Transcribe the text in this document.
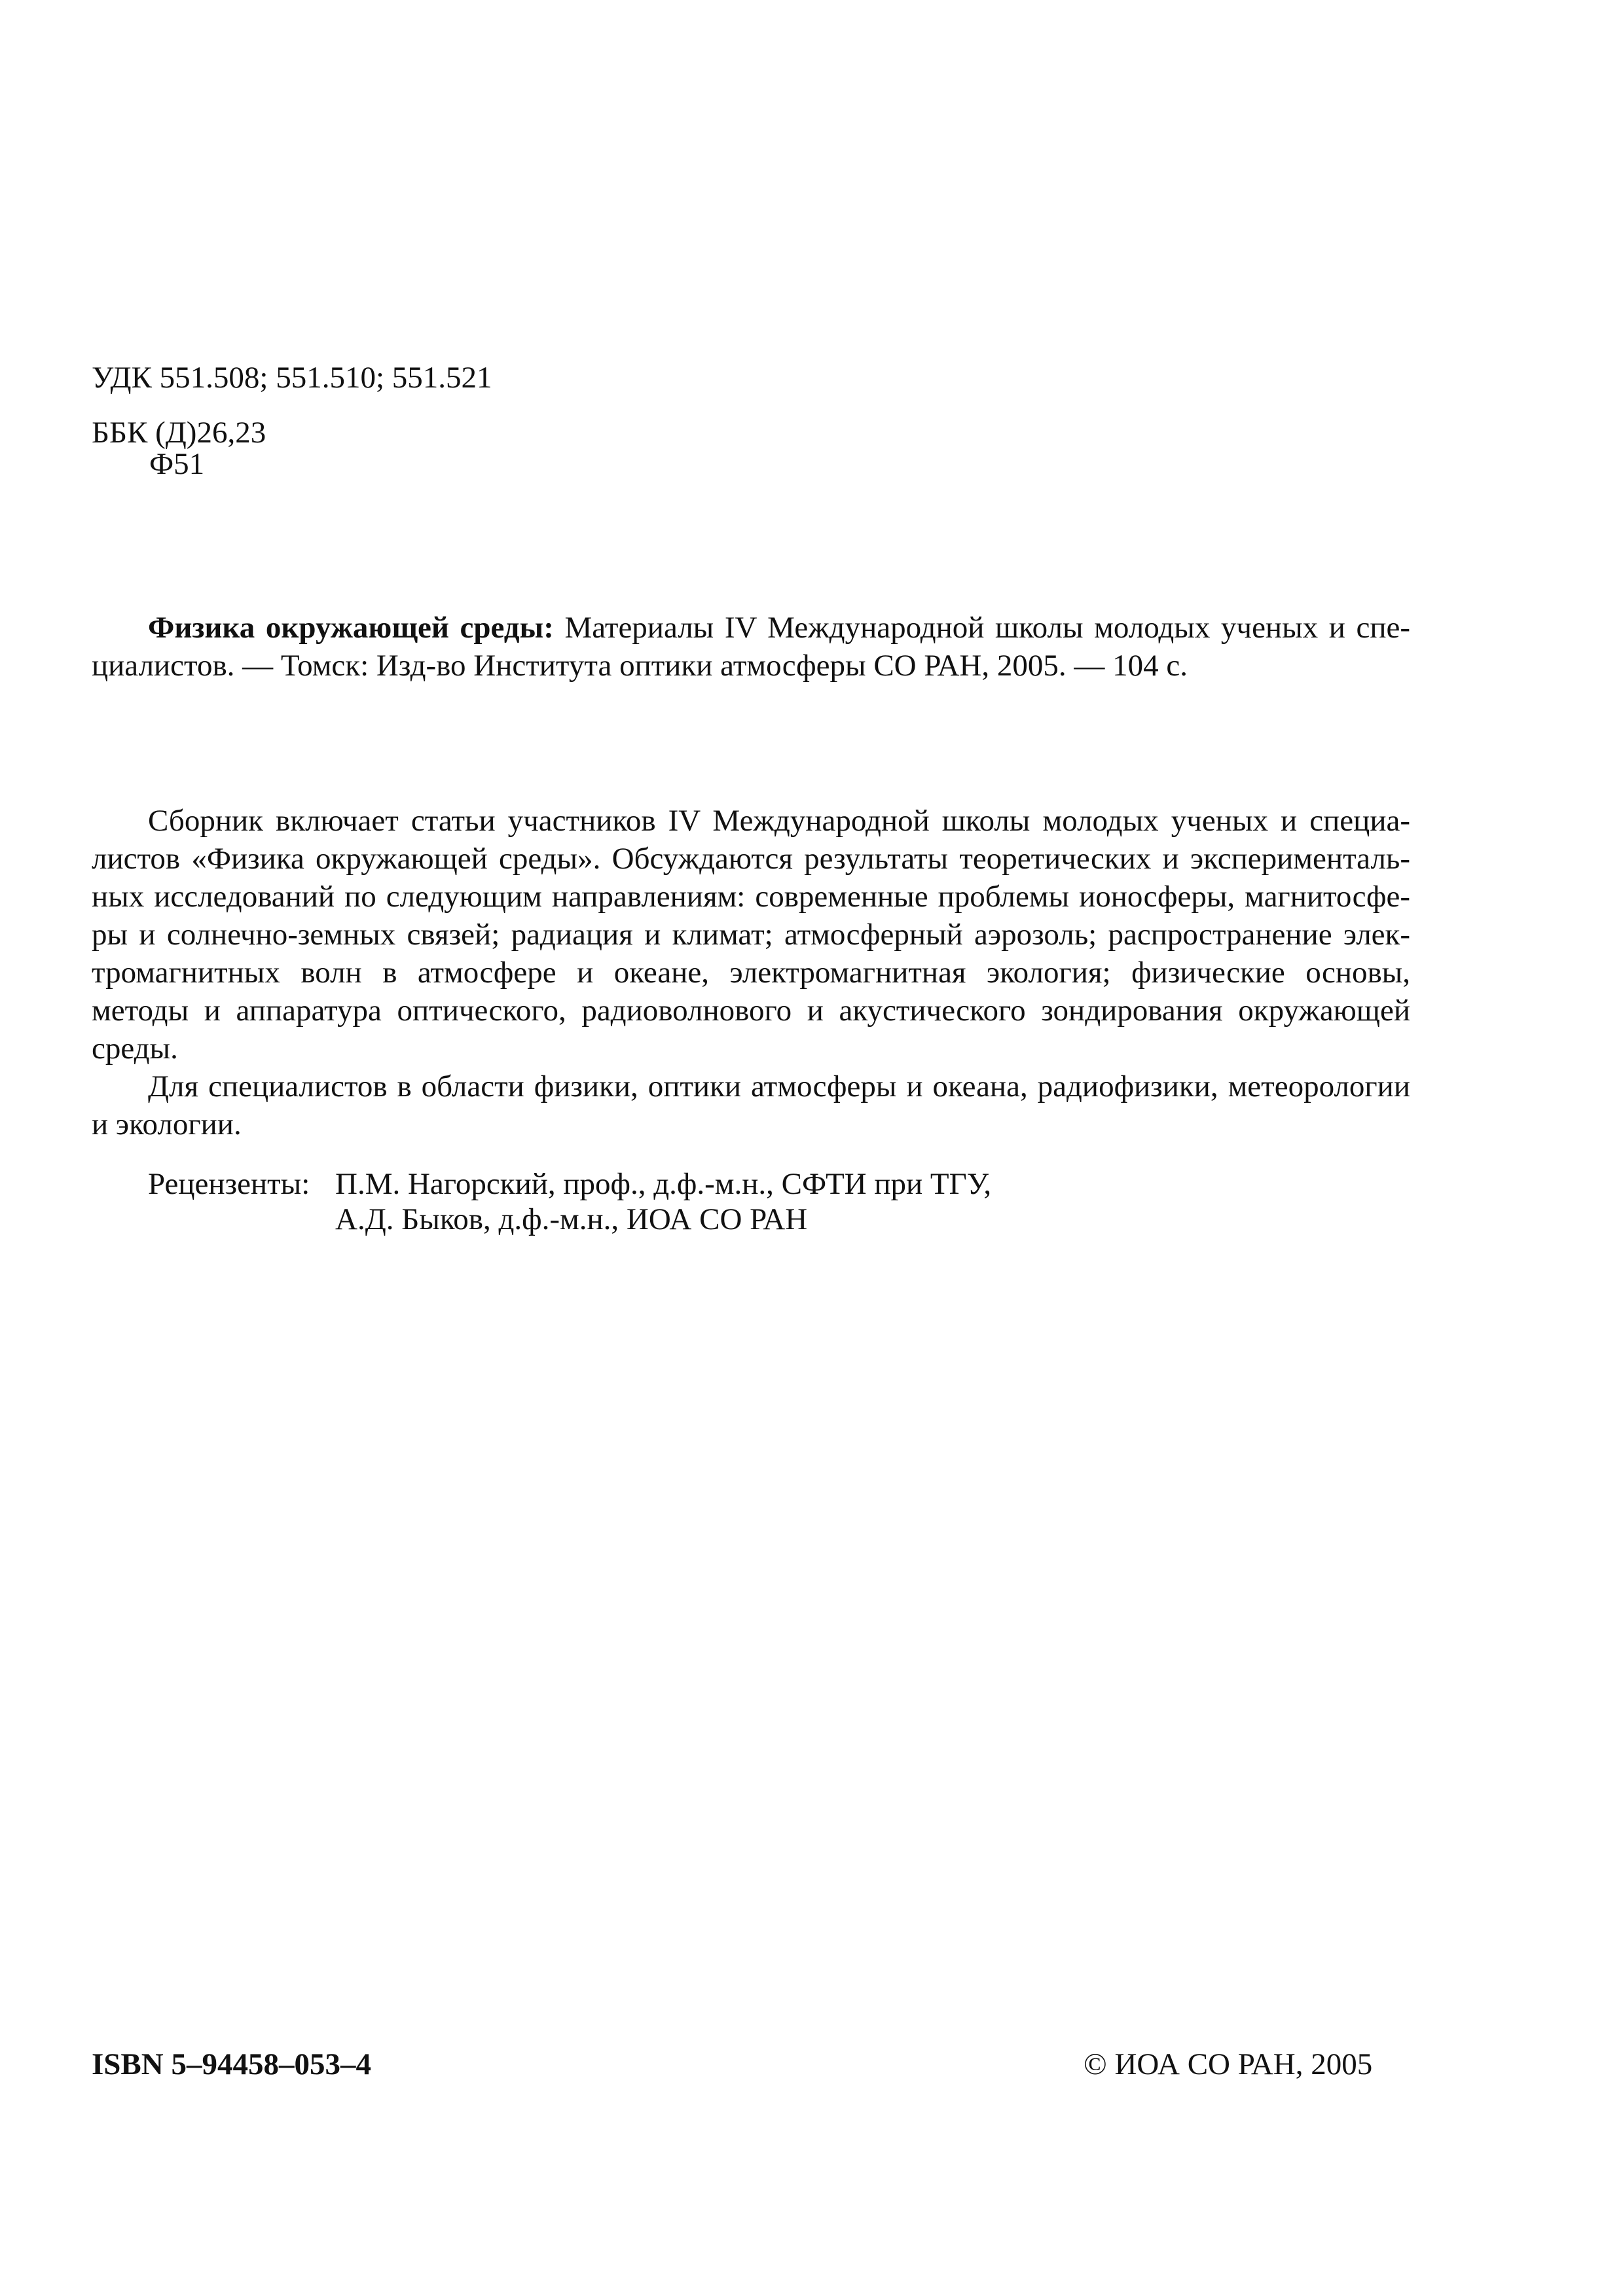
УДК 551.508; 551.510; 551.521
ББК (Д)26,23
Ф51
Физика окружающей среды: Материалы IV Международной школы молодых ученых и спе-
циалистов. — Томск: Изд-во Института оптики атмосферы СО РАН, 2005. — 104 с.
Сборник включает статьи участников IV Международной школы молодых ученых и специа-
листов «Физика окружающей среды». Обсуждаются результаты теоретических и эксперименталь-
ных исследований по следующим направлениям: современные проблемы ионосферы, магнитосфе-
ры и солнечно-земных связей; радиация и климат; атмосферный аэрозоль; распространение элек-
тромагнитных волн в атмосфере и океане, электромагнитная экология; физические основы,
методы и аппаратура оптического, радиоволнового и акустического зондирования окружающей
среды.
Для специалистов в области физики, оптики атмосферы и океана, радиофизики, метеорологии
и экологии.
Рецензенты: П.М. Нагорский, проф., д.ф.-м.н., СФТИ при ТГУ,
А.Д. Быков, д.ф.-м.н., ИОА СО РАН
ISBN 5–94458–053–4	© ИОА СО РАН, 2005
